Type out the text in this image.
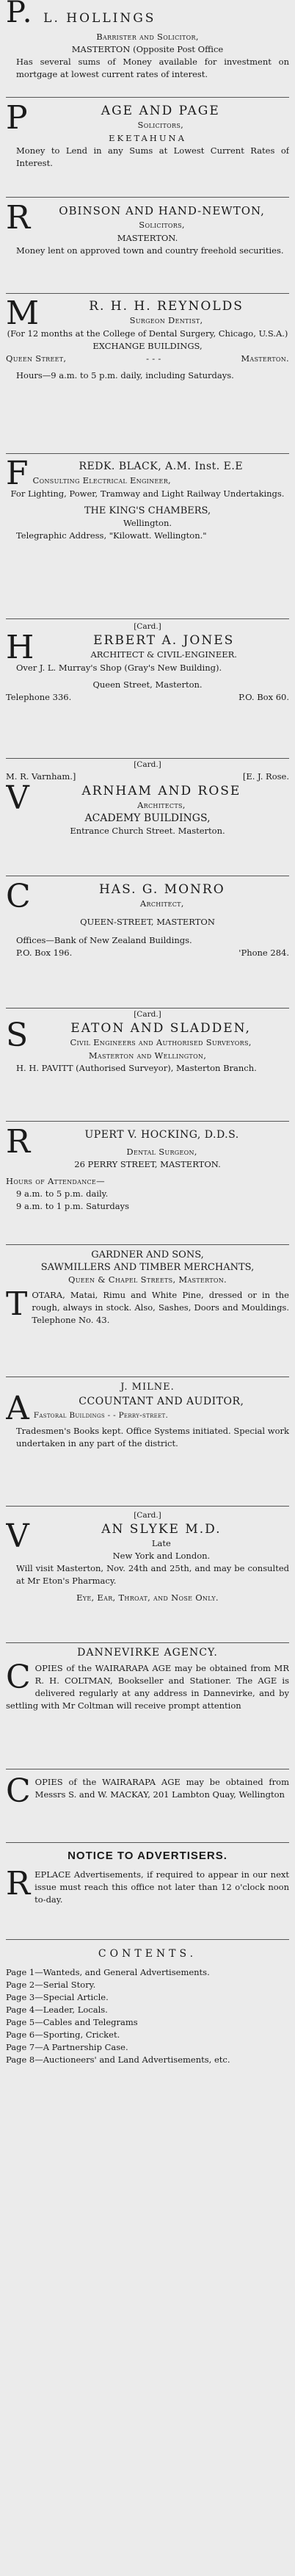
P. L. HOLLINGS
Barrister and Solicitor,
MASTERTON (Opposite Post Office
Has several sums of Money available for investment on mortgage at lowest current rates of interest.
P	AGE AND PAGE
Solicitors,
EKETAHUNA
Money to Lend in any Sums at Lowest Current Rates of Interest.
R	OBINSON AND HAND-NEWTON,
Solicitors,
MASTERTON.
Money lent on approved town and country freehold securities.
M	R. H. H. REYNOLDS
Surgeon Dentist,
(For 12 months at the College of Dental Surgery, Chicago, U.S.A.)
EXCHANGE BUILDINGS,
Queen Street,	- - -	Masterton.
Hours—9 a.m. to 5 p.m. daily, including Saturdays.
F	REDK. BLACK, A.M. Inst. E.E
Consulting Electrical Engineer,
For Lighting, Power, Tramway and Light Railway Undertakings.
THE KING'S CHAMBERS,
Wellington.
Telegraphic Address, "Kilowatt. Wellington."
[Card.]
H	ERBERT A. JONES
ARCHITECT & CIVIL-ENGINEER.
Over J. L. Murray's Shop (Gray's New Building).
Queen Street, Masterton.
Telephone 336.	P.O. Box 60.
[Card.]
M. R. Varnham.]	[E. J. Rose.
V	ARNHAM AND ROSE
Architects,
ACADEMY BUILDINGS,
Entrance Church Street. Masterton.
C	HAS. G. MONRO
Architect,
QUEEN-STREET, MASTERTON
Offices—Bank of New Zealand Buildings.
P.O. Box 196.	'Phone 284.
[Card.]
S	EATON AND SLADDEN,
Civil Engineers and Authorised Surveyors,
Masterton and Wellington,
H. H. PAVITT (Authorised Surveyor), Masterton Branch.
R	UPERT V. HOCKING, D.D.S.
Dental Surgeon,
26 PERRY STREET, MASTERTON.
Hours of Attendance—
9 a.m. to 5 p.m. daily.
9 a.m. to 1 p.m. Saturdays
GARDNER AND SONS,
SAWMILLERS AND TIMBER MERCHANTS,
Queen & Chapel Streets, Masterton.
T OTARA, Matai, Rimu and White Pine, dressed or in the rough, always in stock. Also, Sashes, Doors and Mouldings. Telephone No. 43.
J. MILNE.
A	CCOUNTANT AND AUDITOR,
Fastoral Buildings - - Perry-street.
Tradesmen's Books kept. Office Systems initiated. Special work undertaken in any part of the district.
[Card.]
V	AN SLYKE M.D.
Late
New York and London.
Will visit Masterton, Nov. 24th and 25th, and may be consulted at Mr Eton's Pharmacy.
Eye, Ear, Throat, and Nose Only.
DANNEVIRKE AGENCY.
C OPIES of the WAIRARAPA AGE may be obtained from MR R. H. COLTMAN, Bookseller and Stationer. The AGE is delivered regularly at any address in Dannevirke, and by settling with Mr Coltman will receive prompt attention
C OPIES of the WAIRARAPA AGE may be obtained from Messrs S. and W. MACKAY, 201 Lambton Quay, Wellington
NOTICE TO ADVERTISERS.
R EPLACE Advertisements, if required to appear in our next issue must reach this office not later than 12 o'clock noon to-day.
CONTENTS.
Page 1—Wanteds, and General Advertisements.
Page 2—Serial Story.
Page 3—Special Article.
Page 4—Leader, Locals.
Page 5—Cables and Telegrams
Page 6—Sporting, Cricket.
Page 7—A Partnership Case.
Page 8—Auctioneers' and Land Advertisements, etc.
